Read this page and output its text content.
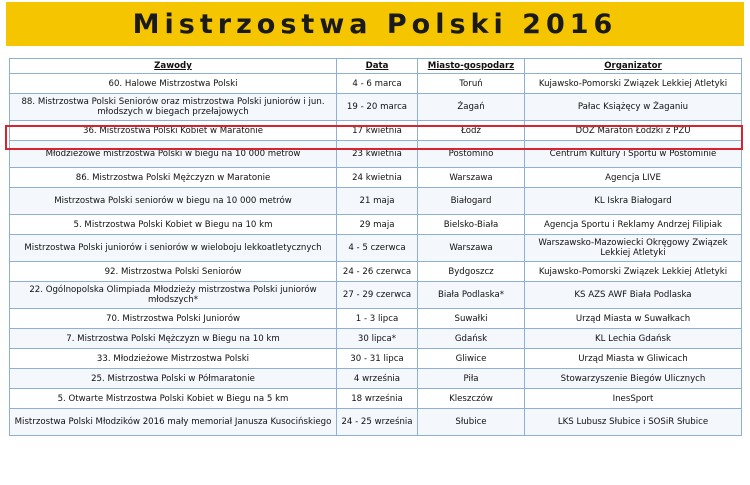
Mistrzostwa Polski 2016
Zawody	Data	Miasto-gospodarz	Organizator
60. Halowe Mistrzostwa Polski	4 - 6 marca	Toruń	Kujawsko-Pomorski Związek Lekkiej Atletyki
88. Mistrzostwa Polski Seniorów oraz mistrzostwa Polski juniorów i jun. młodszych w biegach przełajowych	19 - 20 marca	Żagań	Pałac Książęcy w Żaganiu
36. Mistrzostwa Polski Kobiet w Maratonie	17 kwietnia	Łódź	DOZ Maraton Łódzki z PZU
Młodzieżowe mistrzostwa Polski w biegu na 10 000 metrów	23 kwietnia	Postomino	Centrum Kultury i Sportu w Postominie
86. Mistrzostwa Polski Mężczyzn w Maratonie	24 kwietnia	Warszawa	Agencja LIVE
Mistrzostwa Polski seniorów w biegu na 10 000 metrów	21 maja	Białogard	KL Iskra Białogard
5. Mistrzostwa Polski Kobiet w Biegu na 10 km	29 maja	Bielsko-Biała	Agencja Sportu i Reklamy Andrzej Filipiak
Mistrzostwa Polski juniorów i seniorów w wieloboju lekkoatletycznych	4 - 5 czerwca	Warszawa	Warszawsko-Mazowiecki Okręgowy Związek Lekkiej Atletyki
92. Mistrzostwa Polski Seniorów	24 - 26 czerwca	Bydgoszcz	Kujawsko-Pomorski Związek Lekkiej Atletyki
22. Ogólnopolska Olimpiada Młodzieży mistrzostwa Polski juniorów młodszych*	27 - 29 czerwca	Biała Podlaska*	KS AZS AWF Biała Podlaska
70. Mistrzostwa Polski Juniorów	1 - 3 lipca	Suwałki	Urząd Miasta w Suwałkach
7. Mistrzostwa Polski Mężczyzn w Biegu na 10 km	30 lipca*	Gdańsk	KL Lechia Gdańsk
33. Młodzieżowe Mistrzostwa Polski	30 - 31 lipca	Gliwice	Urząd Miasta w Gliwicach
25. Mistrzostwa Polski w Półmaratonie	4 września	Piła	Stowarzyszenie Biegów Ulicznych
5. Otwarte Mistrzostwa Polski Kobiet w Biegu na 5 km	18 września	Kleszczów	InesSport
Mistrzostwa Polski Młodzików 2016 mały memoriał Janusza Kusocińskiego	24 - 25 września	Słubice	LKS Lubusz Słubice i SOSiR Słubice
